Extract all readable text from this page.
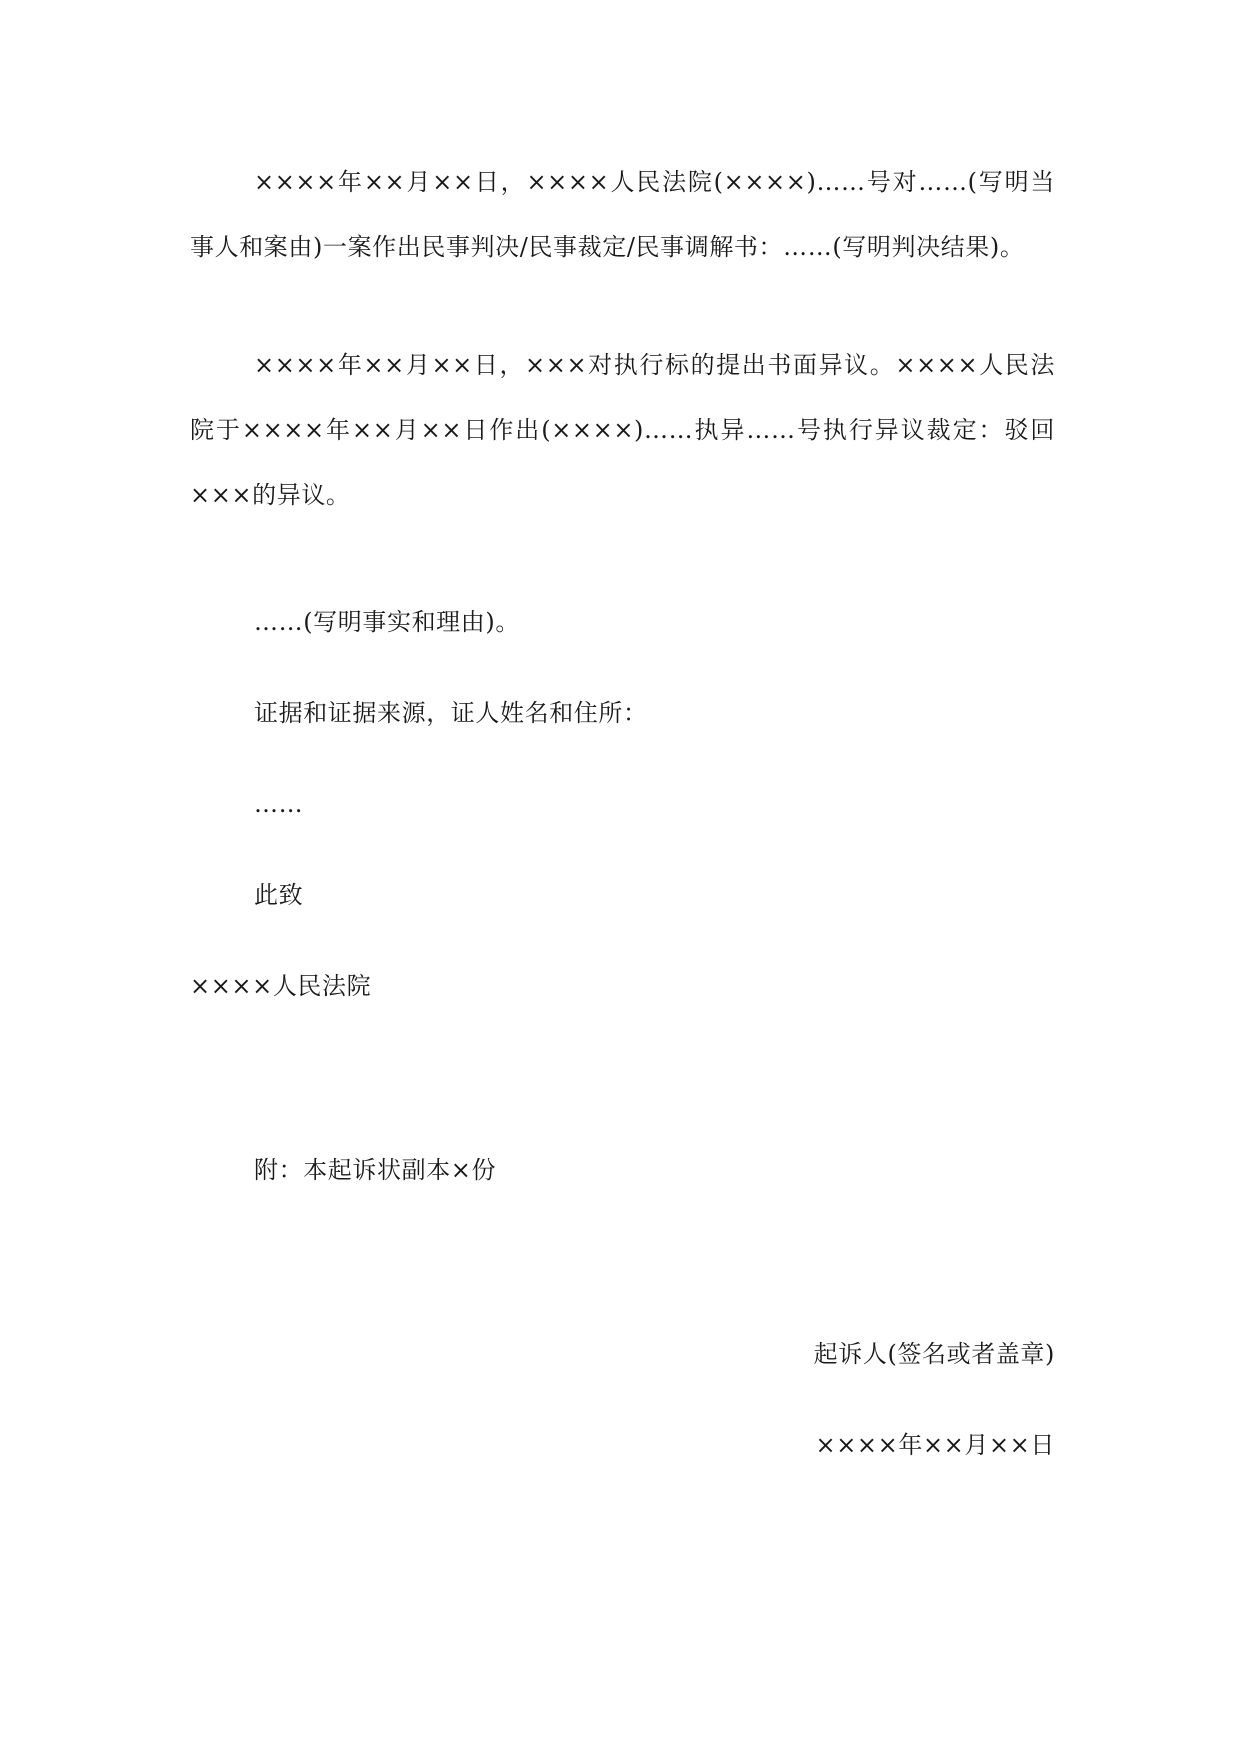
××××年××月××日，××××人民法院(××××)……号对……(写明当事人和案由)一案作出民事判决/民事裁定/民事调解书：……(写明判决结果)。

××××年××月××日，×××对执行标的提出书面异议。××××人民法院于××××年××月××日作出(××××)……执异……号执行异议裁定：驳回×××的异议。

……(写明事实和理由)。

证据和证据来源，证人姓名和住所：

……

此致

××××人民法院

附：本起诉状副本×份

起诉人(签名或者盖章)

××××年××月××日
